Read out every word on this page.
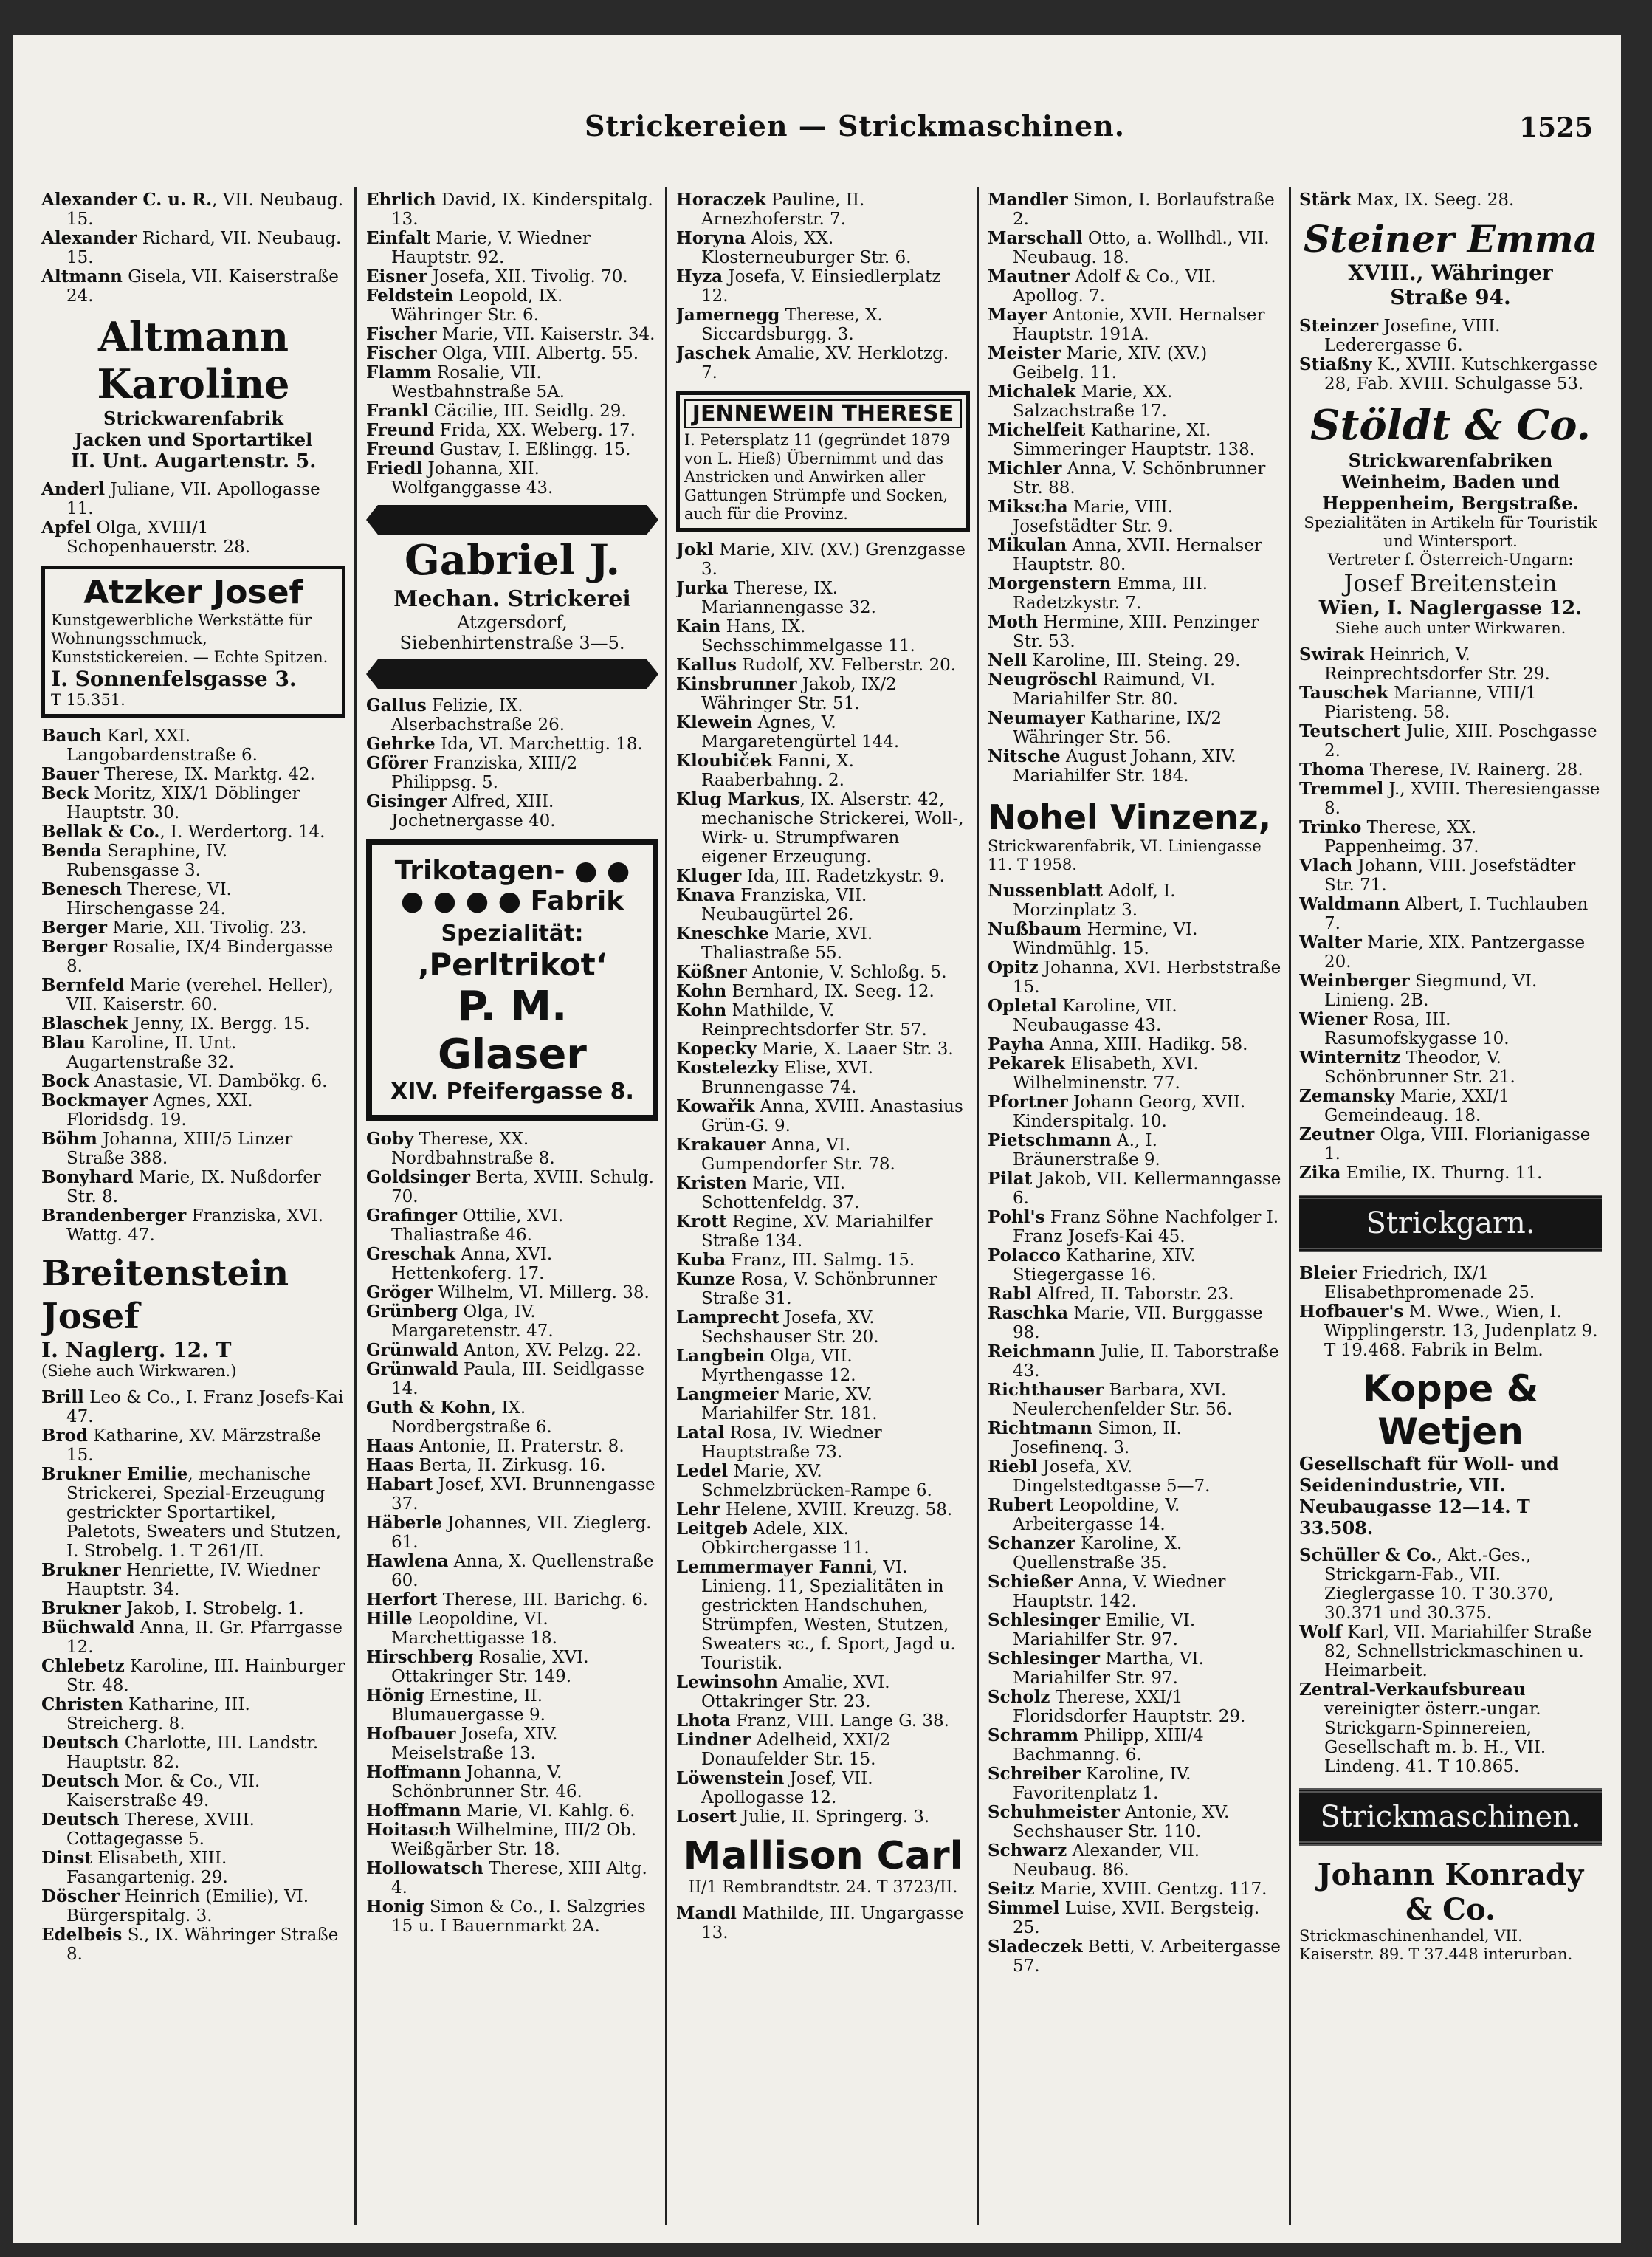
Strickereien — Strickmaschinen.	1525

Alexander C. u. R., VII. Neubaug. 15.

Alexander Richard, VII. Neubaug. 15.

Altmann Gisela, VII. Kaiserstraße 24.

Altmann Karoline
Strickwarenfabrik
Jacken und Sportartikel
II. Unt. Augartenstr. 5.

Anderl Juliane, VII. Apollogasse 11.

Apfel Olga, XVIII/1 Schopenhauerstr. 28.

Atzker Josef
Kunstgewerbliche Werkstätte für Wohnungsschmuck, Kunststickereien. — Echte Spitzen.
I. Sonnenfelsgasse 3.
T 15.351.

Bauch Karl, XXI. Langobardenstraße 6.

Bauer Therese, IX. Marktg. 42.

Beck Moritz, XIX/1 Döblinger Hauptstr. 30.

Bellak & Co., I. Werdertorg. 14.

Benda Seraphine, IV. Rubensgasse 3.

Benesch Therese, VI. Hirschengasse 24.

Berger Marie, XII. Tivolig. 23.

Berger Rosalie, IX/4 Bindergasse 8.

Bernfeld Marie (verehel. Heller), VII. Kaiserstr. 60.

Blaschek Jenny, IX. Bergg. 15.

Blau Karoline, II. Unt. Augartenstraße 32.

Bock Anastasie, VI. Dambökg. 6.

Bockmayer Agnes, XXI. Floridsdg. 19.

Böhm Johanna, XIII/5 Linzer Straße 388.

Bonyhard Marie, IX. Nußdorfer Str. 8.

Brandenberger Franziska, XVI. Wattg. 47.

Breitenstein Josef
I. Naglerg. 12. T
(Siehe auch Wirkwaren.)

Brill Leo & Co., I. Franz Josefs-Kai 47.

Brod Katharine, XV. Märzstraße 15.

Brukner Emilie, mechanische Strickerei, Spezial-Erzeugung gestrickter Sportartikel, Paletots, Sweaters und Stutzen, I. Strobelg. 1. T 261/II.

Brukner Henriette, IV. Wiedner Hauptstr. 34.

Brukner Jakob, I. Strobelg. 1.

Büchwald Anna, II. Gr. Pfarrgasse 12.

Chlebetz Karoline, III. Hainburger Str. 48.

Christen Katharine, III. Streicherg. 8.

Deutsch Charlotte, III. Landstr. Hauptstr. 82.

Deutsch Mor. & Co., VII. Kaiserstraße 49.

Deutsch Therese, XVIII. Cottagegasse 5.

Dinst Elisabeth, XIII. Fasangartenig. 29.

Döscher Heinrich (Emilie), VI. Bürgerspitalg. 3.

Edelbeis S., IX. Währinger Straße 8.

Ehrlich David, IX. Kinderspitalg. 13.

Einfalt Marie, V. Wiedner Hauptstr. 92.

Eisner Josefa, XII. Tivolig. 70.

Feldstein Leopold, IX. Währinger Str. 6.

Fischer Marie, VII. Kaiserstr. 34.

Fischer Olga, VIII. Albertg. 55.

Flamm Rosalie, VII. Westbahnstraße 5A.

Frankl Cäcilie, III. Seidlg. 29.

Freund Frida, XX. Weberg. 17.

Freund Gustav, I. Eßlingg. 15.

Friedl Johanna, XII. Wolfganggasse 43.

Gabriel J.
Mechan. Strickerei
Atzgersdorf,
Siebenhirtenstraße 3—5.

Gallus Felizie, IX. Alserbachstraße 26.

Gehrke Ida, VI. Marchettig. 18.

Gförer Franziska, XIII/2 Philippsg. 5.

Gisinger Alfred, XIII. Jochetnergasse 40.

Trikotagen- ● ●
● ● ● ● Fabrik
Spezialität:
‚Perltrikot‘
P. M. Glaser
XIV. Pfeifergasse 8.

Goby Therese, XX. Nordbahnstraße 8.

Goldsinger Berta, XVIII. Schulg. 70.

Grafinger Ottilie, XVI. Thaliastraße 46.

Greschak Anna, XVI. Hettenkoferg. 17.

Gröger Wilhelm, VI. Millerg. 38.

Grünberg Olga, IV. Margaretenstr. 47.

Grünwald Anton, XV. Pelzg. 22.

Grünwald Paula, III. Seidlgasse 14.

Guth & Kohn, IX. Nordbergstraße 6.

Haas Antonie, II. Praterstr. 8.

Haas Berta, II. Zirkusg. 16.

Habart Josef, XVI. Brunnengasse 37.

Häberle Johannes, VII. Zieglerg. 61.

Hawlena Anna, X. Quellenstraße 60.

Herfort Therese, III. Barichg. 6.

Hille Leopoldine, VI. Marchettigasse 18.

Hirschberg Rosalie, XVI. Ottakringer Str. 149.

Hönig Ernestine, II. Blumauergasse 9.

Hofbauer Josefa, XIV. Meiselstraße 13.

Hoffmann Johanna, V. Schönbrunner Str. 46.

Hoffmann Marie, VI. Kahlg. 6.

Hoitasch Wilhelmine, III/2 Ob. Weißgärber Str. 18.

Hollowatsch Therese, XIII Altg. 4.

Honig Simon & Co., I. Salzgries 15 u. I Bauernmarkt 2A.

Horaczek Pauline, II. Arnezhoferstr. 7.

Horyna Alois, XX. Klosterneuburger Str. 6.

Hyza Josefa, V. Einsiedlerplatz 12.

Jamernegg Therese, X. Siccardsburgg. 3.

Jaschek Amalie, XV. Herklotzg. 7.

JENNEWEIN THERESE
I. Petersplatz 11 (gegründet 1879 von L. Hieß) Übernimmt und das Anstricken und Anwirken aller Gattungen Strümpfe und Socken, auch für die Provinz.

Jokl Marie, XIV. (XV.) Grenzgasse 3.

Jurka Therese, IX. Mariannengasse 32.

Kain Hans, IX. Sechsschimmelgasse 11.

Kallus Rudolf, XV. Felberstr. 20.

Kinsbrunner Jakob, IX/2 Währinger Str. 51.

Klewein Agnes, V. Margaretengürtel 144.

Kloubiček Fanni, X. Raaberbahng. 2.

Klug Markus, IX. Alserstr. 42, mechanische Strickerei, Woll-, Wirk- u. Strumpfwaren eigener Erzeugung.

Kluger Ida, III. Radetzkystr. 9.

Knava Franziska, VII. Neubaugürtel 26.

Kneschke Marie, XVI. Thaliastraße 55.

Kößner Antonie, V. Schloßg. 5.

Kohn Bernhard, IX. Seeg. 12.

Kohn Mathilde, V. Reinprechtsdorfer Str. 57.

Kopecky Marie, X. Laaer Str. 3.

Kostelezky Elise, XVI. Brunnengasse 74.

Kowařik Anna, XVIII. Anastasius Grün-G. 9.

Krakauer Anna, VI. Gumpendorfer Str. 78.

Kristen Marie, VII. Schottenfeldg. 37.

Krott Regine, XV. Mariahilfer Straße 134.

Kuba Franz, III. Salmg. 15.

Kunze Rosa, V. Schönbrunner Straße 31.

Lamprecht Josefa, XV. Sechshauser Str. 20.

Langbein Olga, VII. Myrthengasse 12.

Langmeier Marie, XV. Mariahilfer Str. 181.

Latal Rosa, IV. Wiedner Hauptstraße 73.

Ledel Marie, XV. Schmelzbrücken-Rampe 6.

Lehr Helene, XVIII. Kreuzg. 58.

Leitgeb Adele, XIX. Obkirchergasse 11.

Lemmermayer Fanni, VI. Linieng. 11, Spezialitäten in gestrickten Handschuhen, Strümpfen, Westen, Stutzen, Sweaters ꝛc., f. Sport, Jagd u. Touristik.

Lewinsohn Amalie, XVI. Ottakringer Str. 23.

Lhota Franz, VIII. Lange G. 38.

Lindner Adelheid, XXI/2 Donaufelder Str. 15.

Löwenstein Josef, VII. Apollogasse 12.

Losert Julie, II. Springerg. 3.

Mallison Carl
II/1 Rembrandtstr. 24. T 3723/II.

Mandl Mathilde, III. Ungargasse 13.

Mandler Simon, I. Borlaufstraße 2.

Marschall Otto, a. Wollhdl., VII. Neubaug. 18.

Mautner Adolf & Co., VII. Apollog. 7.

Mayer Antonie, XVII. Hernalser Hauptstr. 191A.

Meister Marie, XIV. (XV.) Geibelg. 11.

Michalek Marie, XX. Salzachstraße 17.

Michelfeit Katharine, XI. Simmeringer Hauptstr. 138.

Michler Anna, V. Schönbrunner Str. 88.

Mikscha Marie, VIII. Josefstädter Str. 9.

Mikulan Anna, XVII. Hernalser Hauptstr. 80.

Morgenstern Emma, III. Radetzkystr. 7.

Moth Hermine, XIII. Penzinger Str. 53.

Nell Karoline, III. Steing. 29.

Neugröschl Raimund, VI. Mariahilfer Str. 80.

Neumayer Katharine, IX/2 Währinger Str. 56.

Nitsche August Johann, XIV. Mariahilfer Str. 184.

Nohel Vinzenz,
Strickwarenfabrik, VI. Liniengasse 11. T 1958.

Nussenblatt Adolf, I. Morzinplatz 3.

Nußbaum Hermine, VI. Windmühlg. 15.

Opitz Johanna, XVI. Herbststraße 15.

Opletal Karoline, VII. Neubaugasse 43.

Payha Anna, XIII. Hadikg. 58.

Pekarek Elisabeth, XVI. Wilhelminenstr. 77.

Pfortner Johann Georg, XVII. Kinderspitalg. 10.

Pietschmann A., I. Bräunerstraße 9.

Pilat Jakob, VII. Kellermanngasse 6.

Pohl's Franz Söhne Nachfolger I. Franz Josefs-Kai 45.

Polacco Katharine, XIV. Stiegergasse 16.

Rabl Alfred, II. Taborstr. 23.

Raschka Marie, VII. Burggasse 98.

Reichmann Julie, II. Taborstraße 43.

Richthauser Barbara, XVI. Neulerchenfelder Str. 56.

Richtmann Simon, II. Josefinenq. 3.

Riebl Josefa, XV. Dingelstedtgasse 5—7.

Rubert Leopoldine, V. Arbeitergasse 14.

Schanzer Karoline, X. Quellenstraße 35.

Schießer Anna, V. Wiedner Hauptstr. 142.

Schlesinger Emilie, VI. Mariahilfer Str. 97.

Schlesinger Martha, VI. Mariahilfer Str. 97.

Scholz Therese, XXI/1 Floridsdorfer Hauptstr. 29.

Schramm Philipp, XIII/4 Bachmanng. 6.

Schreiber Karoline, IV. Favoritenplatz 1.

Schuhmeister Antonie, XV. Sechshauser Str. 110.

Schwarz Alexander, VII. Neubaug. 86.

Seitz Marie, XVIII. Gentzg. 117.

Simmel Luise, XVII. Bergsteig. 25.

Sladeczek Betti, V. Arbeitergasse 57.

Stärk Max, IX. Seeg. 28.

Steiner Emma
XVIII., Währinger
Straße 94.

Steinzer Josefine, VIII. Lederergasse 6.

Stiaßny K., XVIII. Kutschkergasse 28, Fab. XVIII. Schulgasse 53.

Stöldt & Co.
Strickwarenfabriken
Weinheim, Baden und Heppenheim, Bergstraße.
Spezialitäten in Artikeln für Touristik und Wintersport.
Vertreter f. Österreich-Ungarn:
Josef Breitenstein
Wien, I. Naglergasse 12.
Siehe auch unter Wirkwaren.

Swirak Heinrich, V. Reinprechtsdorfer Str. 29.

Tauschek Marianne, VIII/1 Piaristeng. 58.

Teutschert Julie, XIII. Poschgasse 2.

Thoma Therese, IV. Rainerg. 28.

Tremmel J., XVIII. Theresiengasse 8.

Trinko Therese, XX. Pappenheimg. 37.

Vlach Johann, VIII. Josefstädter Str. 71.

Waldmann Albert, I. Tuchlauben 7.

Walter Marie, XIX. Pantzergasse 20.

Weinberger Siegmund, VI. Linieng. 2B.

Wiener Rosa, III. Rasumofskygasse 10.

Winternitz Theodor, V. Schönbrunner Str. 21.

Zemansky Marie, XXI/1 Gemeindeaug. 18.

Zeutner Olga, VIII. Florianigasse 1.

Zika Emilie, IX. Thurng. 11.

Strickgarn.

Bleier Friedrich, IX/1 Elisabethpromenade 25.

Hofbauer's M. Wwe., Wien, I. Wipplingerstr. 13, Judenplatz 9. T 19.468. Fabrik in Belm.

Koppe & Wetjen
Gesellschaft für Woll- und Seidenindustrie, VII. Neubaugasse 12—14. T 33.508.

Schüller & Co., Akt.-Ges., Strickgarn-Fab., VII. Zieglergasse 10. T 30.370, 30.371 und 30.375.

Wolf Karl, VII. Mariahilfer Straße 82, Schnellstrickmaschinen u. Heimarbeit.

Zentral-Verkaufsbureau vereinigter österr.-ungar. Strickgarn-Spinnereien, Gesellschaft m. b. H., VII. Lindeng. 41. T 10.865.

Strickmaschinen.
Johann Konrady & Co.
Strickmaschinenhandel, VII. Kaiserstr. 89. T 37.448 interurban.
